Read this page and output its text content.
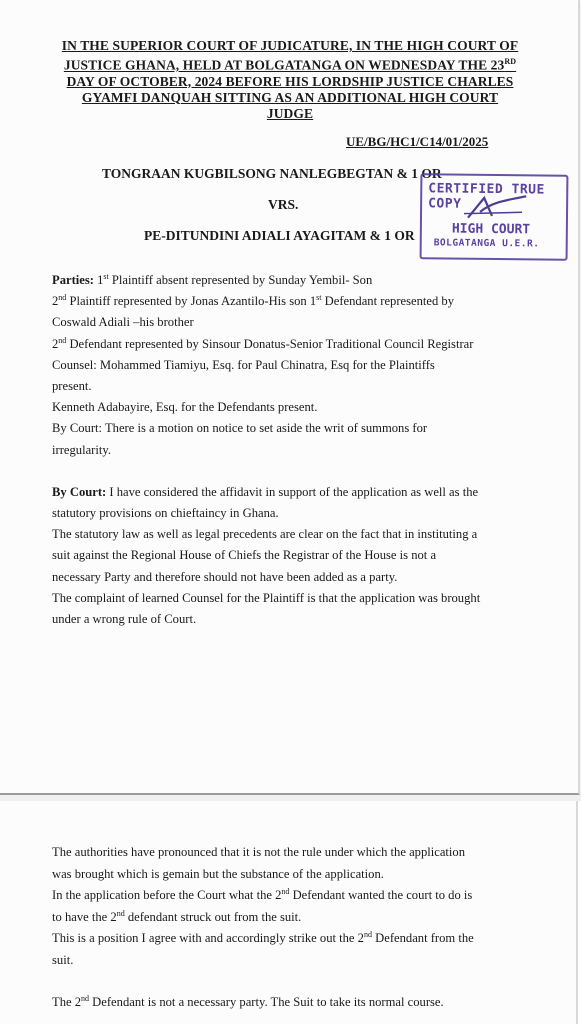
IN THE SUPERIOR COURT OF JUDICATURE, IN THE HIGH COURT OF
JUSTICE GHANA, HELD AT BOLGATANGA ON WEDNESDAY THE 23RD
DAY OF OCTOBER, 2024 BEFORE HIS LORDSHIP JUSTICE CHARLES
GYAMFI DANQUAH SITTING AS AN ADDITIONAL HIGH COURT
JUDGE
UE/BG/HC1/C14/01/2025
TONGRAAN KUGBILSONG NANLEGBEGTAN & 1 OR
VRS.
PE-DITUNDINI ADIALI AYAGITAM & 1 OR
CERTIFIED TRUE COPY
HIGH COURT
BOLGATANGA U.E.R.

Parties: 1st Plaintiff absent represented by Sunday Yembil- Son

2nd Plaintiff represented by Jonas Azantilo-His son 1st Defendant represented by

Coswald Adiali –his brother

2nd Defendant represented by Sinsour Donatus-Senior Traditional Council Registrar

Counsel: Mohammed Tiamiyu, Esq. for Paul Chinatra, Esq for the Plaintiffs

present.

Kenneth Adabayire, Esq. for the Defendants present.

By Court: There is a motion on notice to set aside the writ of summons for

irregularity.

By Court: I have considered the affidavit in support of the application as well as the

statutory provisions on chieftaincy in Ghana.

The statutory law as well as legal precedents are clear on the fact that in instituting a

suit against the Regional House of Chiefs the Registrar of the House is not a

necessary Party and therefore should not have been added as a party.

The complaint of learned Counsel for the Plaintiff is that the application was brought

under a wrong rule of Court.

The authorities have pronounced that it is not the rule under which the application

was brought which is gemain but the substance of the application.

In the application before the Court what the 2nd Defendant wanted the court to do is

to have the 2nd defendant struck out from the suit.

This is a position I agree with and accordingly strike out the 2nd Defendant from the

suit.

The 2nd Defendant is not a necessary party. The Suit to take its normal course.
